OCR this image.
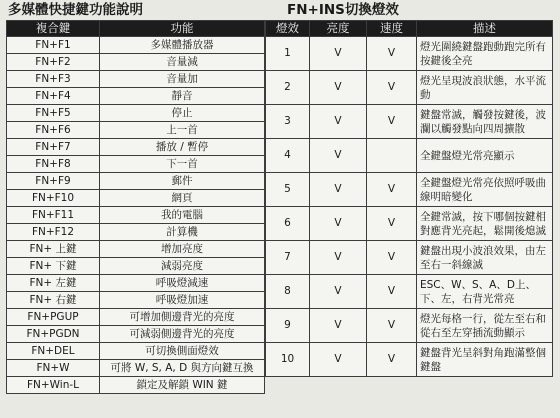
多媒體快捷鍵功能說明	FN+INS切換燈效
複合鍵	功能
FN+F1	多媒體播放器
FN+F2	音量減
FN+F3	音量加
FN+F4	靜音
FN+F5	停止
FN+F6	上一首
FN+F7	播放 / 暫停
FN+F8	下一首
FN+F9	郵件
FN+F10	網頁
FN+F11	我的電腦
FN+F12	計算機
FN+ 上鍵	增加亮度
FN+ 下鍵	減弱亮度
FN+ 左鍵	呼吸燈減速
FN+ 右鍵	呼吸燈加速
FN+PGUP	可增加側邊背光的亮度
FN+PGDN	可減弱側邊背光的亮度
FN+DEL	可切換側面燈效
FN+W	可將 W, S, A, D 與方向鍵互換
FN+Win-L	鎖定及解鎖 WIN 鍵
燈效	亮度	速度	描述
1	V	V	燈光圍繞鍵盤跑動跑完所有按鍵後全亮
2	V	V	燈光呈現波浪狀態，水平流動
3	V	V	鍵盤常滅，觸發按鍵後，波瀾以觸發點向四周擴散
4	V		全鍵盤燈光常亮顯示
5	V	V	全鍵盤燈光常亮依照呼吸曲線明暗變化
6	V	V	全鍵常滅，按下哪個按鍵相對應背光亮起，鬆開後熄滅
7	V	V	鍵盤出現小波浪效果，由左至右一斜線滅
8	V	V	ESC、W、S、A、D上、下、左，右背光常亮
9	V	V	燈光每格一行，從左至右和從右至左穿插流動顯示
10	V	V	鍵盤背光呈斜對角跑滿整個鍵盤
